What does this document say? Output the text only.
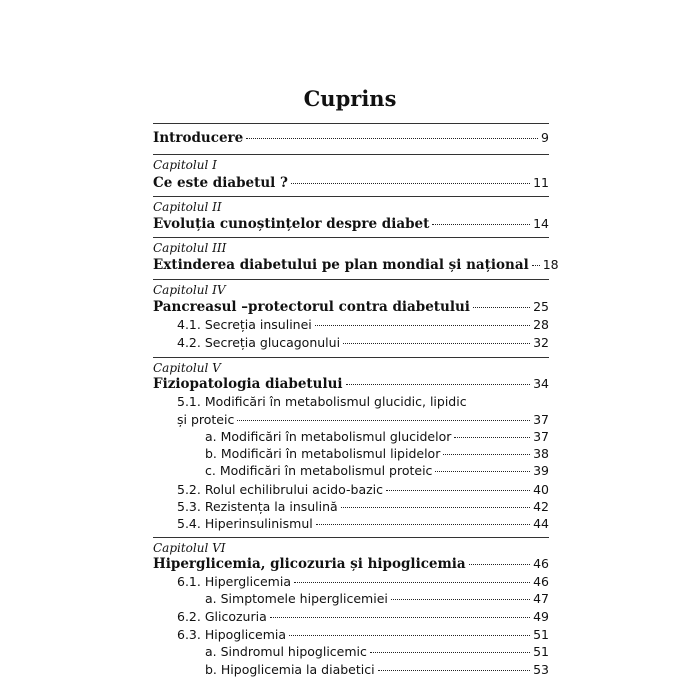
Cuprins
Introducere	9
Capitolul I
Ce este diabetul ?	11
Capitolul II
Evoluția cunoștințelor despre diabet	14
Capitolul III
Extinderea diabetului pe plan mondial și național 18
Capitolul IV
Pancreasul –protectorul contra diabetului	25
4.1. Secreția insulinei	28
4.2. Secreția glucagonului	32
Capitolul V
Fiziopatologia diabetului	34
5.1. Modificări în metabolismul glucidic, lipidic
și proteic	37
a. Modificări în metabolismul glucidelor	37
b. Modificări în metabolismul lipidelor	38
c. Modificări în metabolismul proteic	39
5.2. Rolul echilibrului acido-bazic	40
5.3. Rezistența la insulină	42
5.4. Hiperinsulinismul	44
Capitolul VI
Hiperglicemia, glicozuria și hipoglicemia	46
6.1. Hiperglicemia	46
a. Simptomele hiperglicemiei	47
6.2. Glicozuria	49
6.3. Hipoglicemia	51
a. Sindromul hipoglicemic	51
b. Hipoglicemia la diabetici	53
